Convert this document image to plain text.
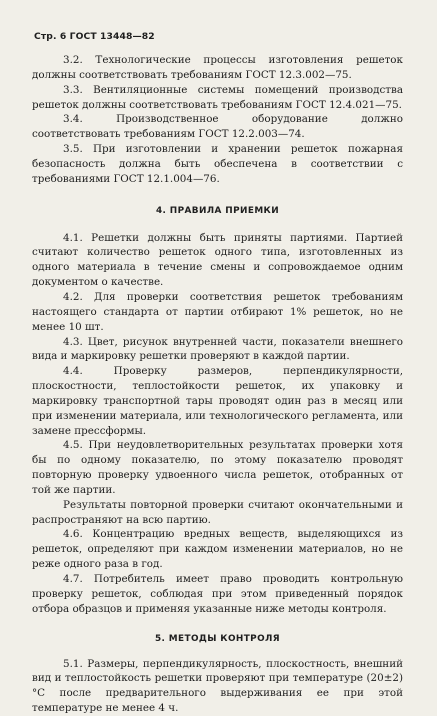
Стр. 6 ГОСТ 13448—82

3.2. Технологические процессы изготовления решеток должны соответствовать требованиям ГОСТ 12.3.002—75.

3.3. Вентиляционные системы помещений производства решеток должны соответствовать требованиям ГОСТ 12.4.021—75.

3.4. Производственное оборудование должно соответствовать требованиям ГОСТ 12.2.003—74.

3.5. При изготовлении и хранении решеток пожарная безопасность должна быть обеспечена в соответствии с требованиями ГОСТ 12.1.004—76.

4. ПРАВИЛА ПРИЕМКИ

4.1. Решетки должны быть приняты партиями. Партией считают количество решеток одного типа, изготовленных из одного материала в течение смены и сопровождаемое одним документом о качестве.

4.2. Для проверки соответствия решеток требованиям настоящего стандарта от партии отбирают 1% решеток, но не менее 10 шт.

4.3. Цвет, рисунок внутренней части, показатели внешнего вида и маркировку решетки проверяют в каждой партии.

4.4. Проверку размеров, перпендикулярности, плоскостности, теплостойкости решеток, их упаковку и маркировку транспортной тары проводят один раз в месяц или при изменении материала, или технологического регламента, или замене прессформы.

4.5. При неудовлетворительных результатах проверки хотя бы по одному показателю, по этому показателю проводят повторную проверку удвоенного числа решеток, отобранных от той же партии.

Результаты повторной проверки считают окончательными и распространяют на всю партию.

4.6. Концентрацию вредных веществ, выделяющихся из решеток, определяют при каждом изменении материалов, но не реже одного раза в год.

4.7. Потребитель имеет право проводить контрольную проверку решеток, соблюдая при этом приведенный порядок отбора образцов и применяя указанные ниже методы контроля.

5. МЕТОДЫ КОНТРОЛЯ

5.1. Размеры, перпендикулярность, плоскостность, внешний вид и теплостойкость решетки проверяют при температуре (20±2)°С после предварительного выдерживания ее при этой температуре не менее 4 ч.
